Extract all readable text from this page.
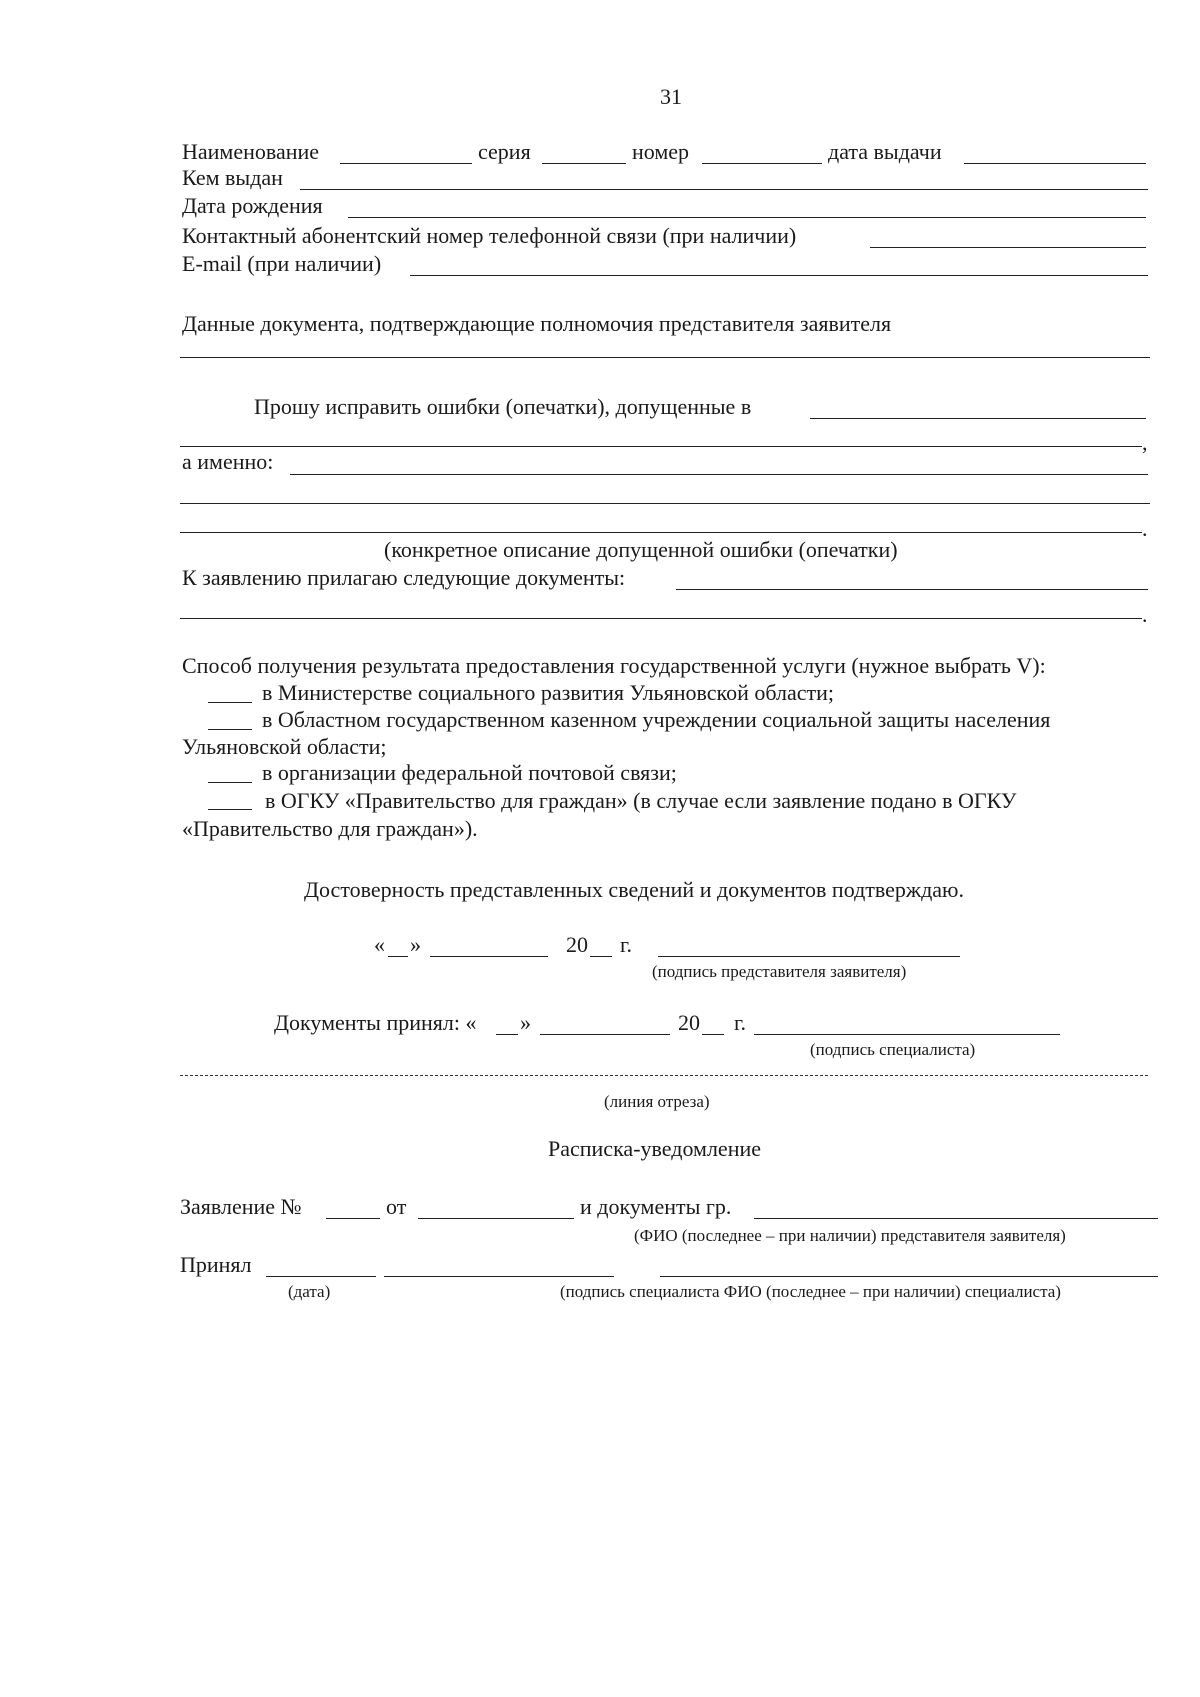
31
Наименование	серия	номер	дата выдачи
Кем выдан
Дата рождения
Контактный абонентский номер телефонной связи (при наличии)
E-mail (при наличии)
Данные документа, подтверждающие полномочия представителя заявителя
Прошу исправить ошибки (опечатки), допущенные в
,
а именно:
.
(конкретное описание допущенной ошибки (опечатки)
К заявлению прилагаю следующие документы:
.
Способ получения результата предоставления государственной услуги (нужное выбрать V):
в Министерстве социального развития Ульяновской области;
в Областном государственном казенном учреждении социальной защиты населения
Ульяновской области;
в организации федеральной почтовой связи;
в ОГКУ «Правительство для граждан» (в случае если заявление подано в ОГКУ
«Правительство для граждан»).
Достоверность представленных сведений и документов подтверждаю.
« »	20 г.
(подпись представителя заявителя)
Документы принял: « »	20 г.
(подпись специалиста)
(линия отреза)
Расписка-уведомление
Заявление №	от	и документы гр.
(ФИО (последнее – при наличии) представителя заявителя)
Принял
(дата)	(подпись специалиста ФИО (последнее – при наличии) специалиста)
